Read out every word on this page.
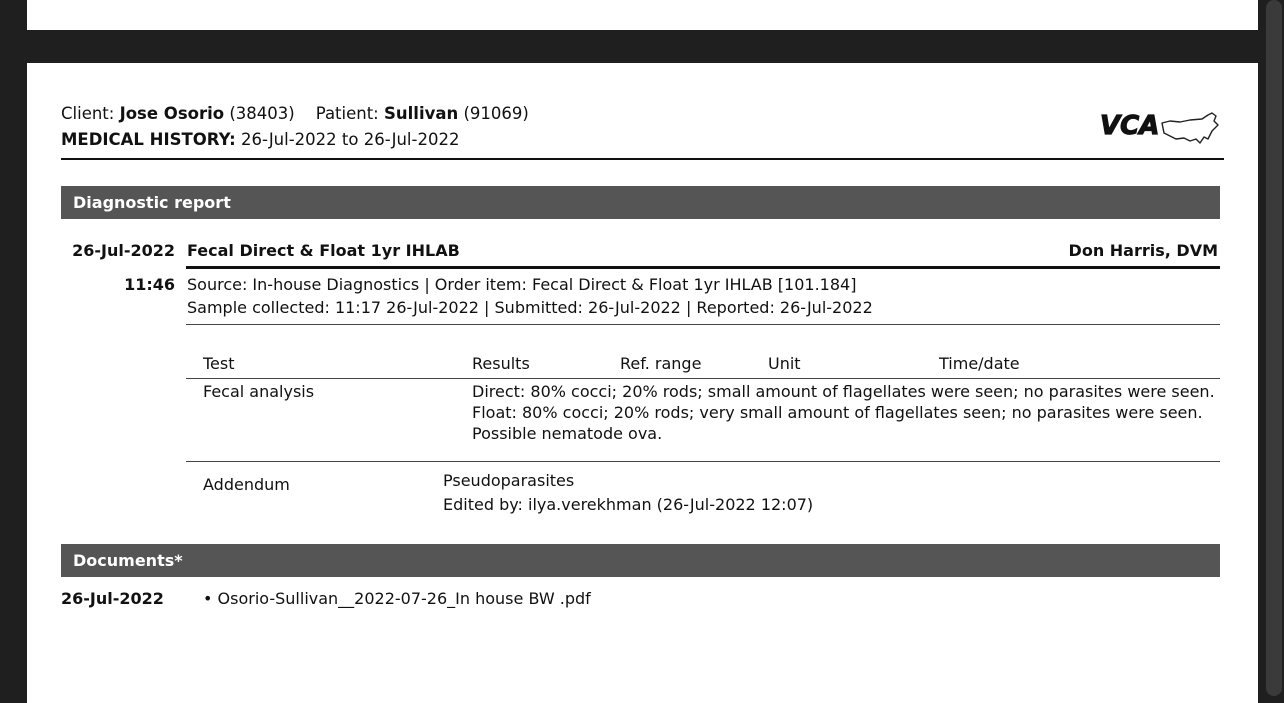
Client: Jose Osorio (38403) Patient: Sullivan (91069)
MEDICAL HISTORY: 26-Jul-2022 to 26-Jul-2022	VCA
Diagnostic report
26-Jul-2022 Fecal Direct & Float 1yr IHLAB	Don Harris, DVM
11:46 Source: In-house Diagnostics | Order item: Fecal Direct & Float 1yr IHLAB [101.184]
Sample collected: 11:17 26-Jul-2022 | Submitted: 26-Jul-2022 | Reported: 26-Jul-2022
Test	Results	Ref. range	Unit	Time/date
Fecal analysis	Direct: 80% cocci; 20% rods; small amount of flagellates were seen; no parasites were seen.
Float: 80% cocci; 20% rods; very small amount of flagellates seen; no parasites were seen.
Possible nematode ova.
Addendum	Pseudoparasites
Edited by: ilya.verekhman (26-Jul-2022 12:07)
Documents*
26-Jul-2022 • Osorio-Sullivan__2022-07-26_In house BW .pdf
